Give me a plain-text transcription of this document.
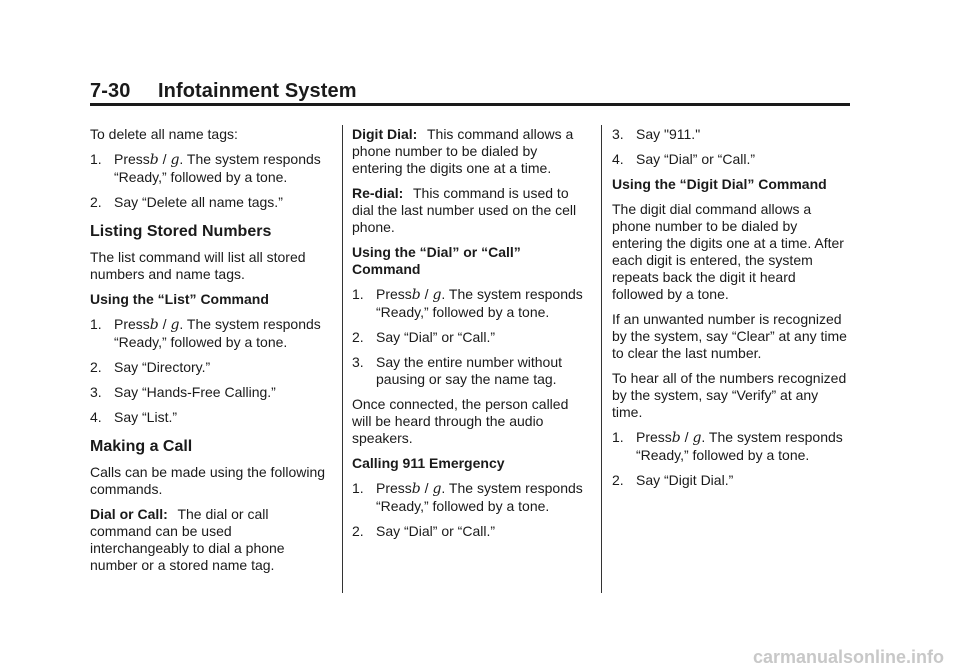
7-30 Infotainment System

To delete all name tags:

1. Pressb / g. The system responds “Ready,” followed by a tone.
2. Say “Delete all name tags.”
Listing Stored Numbers

The list command will list all stored numbers and name tags.

Using the “List” Command

1. Pressb / g. The system responds “Ready,” followed by a tone.
2. Say “Directory.”
3. Say “Hands-Free Calling.”
4. Say “List.”
Making a Call

Calls can be made using the following commands.

Dial or Call: The dial or call command can be used interchangeably to dial a phone number or a stored name tag.

Digit Dial: This command allows a phone number to be dialed by entering the digits one at a time.

Re-dial: This command is used to dial the last number used on the cell phone.

Using the “Dial” or “Call” Command

1. Pressb / g. The system responds “Ready,” followed by a tone.
2. Say “Dial” or “Call.”
3. Say the entire number without pausing or say the name tag.

Once connected, the person called will be heard through the audio speakers.

Calling 911 Emergency

1. Pressb / g. The system responds “Ready,” followed by a tone.
2. Say “Dial” or “Call.”
3. Say "911."
4. Say “Dial” or “Call.”

Using the “Digit Dial” Command

The digit dial command allows a phone number to be dialed by entering the digits one at a time. After each digit is entered, the system repeats back the digit it heard followed by a tone.

If an unwanted number is recognized by the system, say “Clear” at any time to clear the last number.

To hear all of the numbers recognized by the system, say “Verify” at any time.

1. Pressb / g. The system responds “Ready,” followed by a tone.
2. Say “Digit Dial.”
carmanualsonline.info
